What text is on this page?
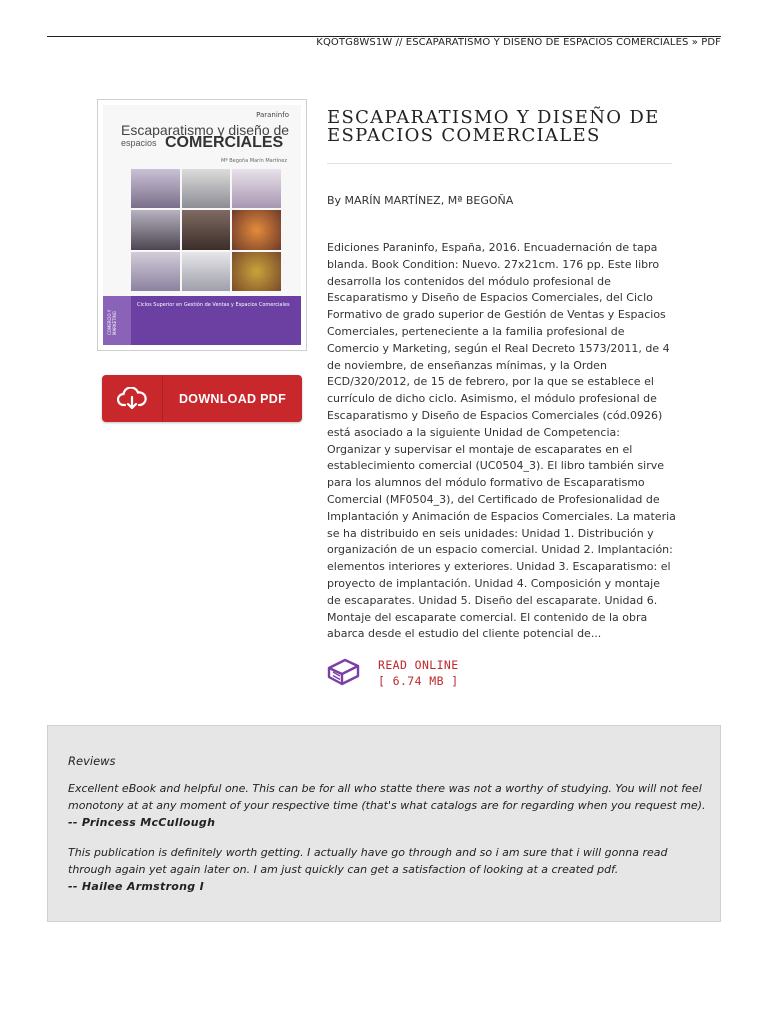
KQOTG8WS1W // ESCAPARATISMO Y DISEÑO DE ESPACIOS COMERCIALES » PDF
Paraninfo
Escaparatismo y diseño de
espacios COMERCIALES
Mª Begoña Marín Martínez
Ciclos Superior en Gestión de Ventas y Espacios Comerciales
COMERCIO Y MARKETING
DOWNLOAD PDF
ESCAPARATISMO Y DISEÑO DE ESPACIOS COMERCIALES
By MARÍN MARTÍNEZ, Mª BEGOÑA
Ediciones Paraninfo, España, 2016. Encuadernación de tapa blanda. Book Condition: Nuevo. 27x21cm. 176 pp. Este libro desarrolla los contenidos del módulo profesional de Escaparatismo y Diseño de Espacios Comerciales, del Ciclo Formativo de grado superior de Gestión de Ventas y Espacios Comerciales, perteneciente a la familia profesional de Comercio y Marketing, según el Real Decreto 1573/2011, de 4 de noviembre, de enseñanzas mínimas, y la Orden ECD/320/2012, de 15 de febrero, por la que se establece el currículo de dicho ciclo. Asimismo, el módulo profesional de Escaparatismo y Diseño de Espacios Comerciales (cód.0926) está asociado a la siguiente Unidad de Competencia: Organizar y supervisar el montaje de escaparates en el establecimiento comercial (UC0504_3). El libro también sirve para los alumnos del módulo formativo de Escaparatismo Comercial (MF0504_3), del Certificado de Profesionalidad de Implantación y Animación de Espacios Comerciales. La materia se ha distribuido en seis unidades: Unidad 1. Distribución y organización de un espacio comercial. Unidad 2. Implantación: elementos interiores y exteriores. Unidad 3. Escaparatismo: el proyecto de implantación. Unidad 4. Composición y montaje de escaparates. Unidad 5. Diseño del escaparate. Unidad 6. Montaje del escaparate comercial. El contenido de la obra abarca desde el estudio del cliente potencial de...
READ ONLINE
[ 6.74 MB ]
Reviews
Excellent eBook and helpful one. This can be for all who statte there was not a worthy of studying. You will not feel monotony at at any moment of your respective time (that's what catalogs are for regarding when you request me).
-- Princess McCullough
This publication is definitely worth getting. I actually have go through and so i am sure that i will gonna read through again yet again later on. I am just quickly can get a satisfaction of looking at a created pdf.
-- Hailee Armstrong I
